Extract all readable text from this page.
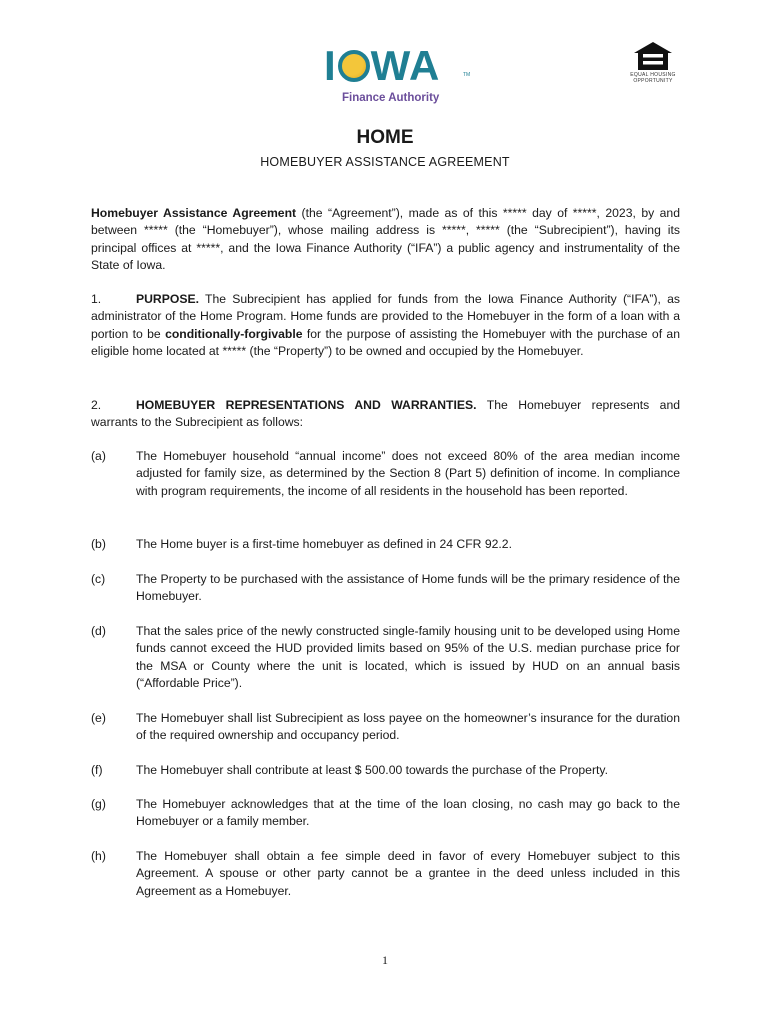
I WA	TM
Finance Authority
EQUAL HOUSING
OPPORTUNITY
HOME
HOMEBUYER ASSISTANCE AGREEMENT
Homebuyer Assistance Agreement (the “Agreement”), made as of this ***** day of *****, 2023, by and between ***** (the “Homebuyer”), whose mailing address is *****, ***** (the “Subrecipient”), having its principal offices at *****, and the Iowa Finance Authority (“IFA”) a public agency and instrumentality of the State of Iowa.
1.	PURPOSE. The Subrecipient has applied for funds from the Iowa Finance Authority (“IFA”), as administrator of the Home Program. Home funds are provided to the Homebuyer in the form of a loan with a portion to be conditionally-forgivable for the purpose of assisting the Homebuyer with the purchase of an eligible home located at ***** (the “Property”) to be owned and occupied by the Homebuyer.
2.	HOMEBUYER REPRESENTATIONS AND WARRANTIES. The Homebuyer represents and warrants to the Subrecipient as follows:
(a) The Homebuyer household “annual income” does not exceed 80% of the area median income adjusted for family size, as determined by the Section 8 (Part 5) definition of income. In compliance with program requirements, the income of all residents in the household has been reported.
(b) The Home buyer is a first-time homebuyer as defined in 24 CFR 92.2.
(c)	The Property to be purchased with the assistance of Home funds will be the primary residence of the Homebuyer.
(d) That the sales price of the newly constructed single-family housing unit to be developed using Home funds cannot exceed the HUD provided limits based on 95% of the U.S. median purchase price for the MSA or County where the unit is located, which is issued by HUD on an annual basis (“Affordable Price”).
(e) The Homebuyer shall list Subrecipient as loss payee on the homeowner’s insurance for the duration of the required ownership and occupancy period.
(f)	The Homebuyer shall contribute at least $ 500.00 towards the purchase of the Property.
(g) The Homebuyer acknowledges that at the time of the loan closing, no cash may go back to the Homebuyer or a family member.
(h) The Homebuyer shall obtain a fee simple deed in favor of every Homebuyer subject to this Agreement. A spouse or other party cannot be a grantee in the deed unless included in this Agreement as a Homebuyer.
1
